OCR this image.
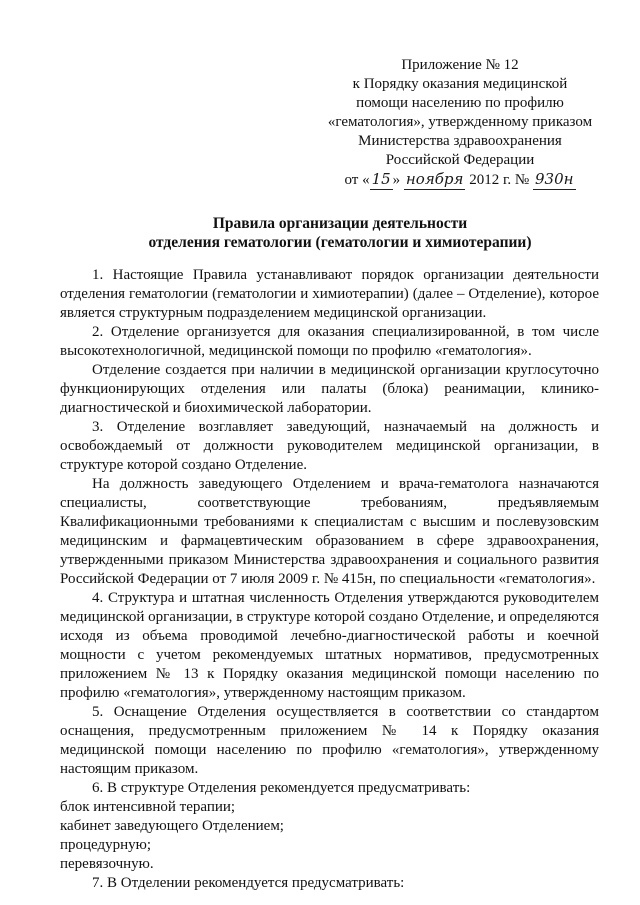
Приложение № 12
к Порядку оказания медицинской
помощи населению по профилю
«гематология», утвержденному приказом
Министерства здравоохранения
Российской Федерации
от « 15 » ноября 2012 г. № 930н
Правила организации деятельности
отделения гематологии (гематологии и химиотерапии)

1. Настоящие Правила устанавливают порядок организации деятельности отделения гематологии (гематологии и химиотерапии) (далее – Отделение), которое является структурным подразделением медицинской организации.

2. Отделение организуется для оказания специализированной, в том числе высокотехнологичной, медицинской помощи по профилю «гематология».

Отделение создается при наличии в медицинской организации круглосуточно функционирующих отделения или палаты (блока) реанимации, клинико-диагностической и биохимической лаборатории.

3. Отделение возглавляет заведующий, назначаемый на должность и освобождаемый от должности руководителем медицинской организации, в структуре которой создано Отделение.

На должность заведующего Отделением и врача-гематолога назначаются специалисты, соответствующие требованиям, предъявляемым Квалификационными требованиями к специалистам с высшим и послевузовским медицинским и фармацевтическим образованием в сфере здравоохранения, утвержденными приказом Министерства здравоохранения и социального развития Российской Федерации от 7 июля 2009 г. № 415н, по специальности «гематология».

4. Структура и штатная численность Отделения утверждаются руководителем медицинской организации, в структуре которой создано Отделение, и определяются исходя из объема проводимой лечебно-диагностической работы и коечной мощности с учетом рекомендуемых штатных нормативов, предусмотренных приложением № 13 к Порядку оказания медицинской помощи населению по профилю «гематология», утвержденному настоящим приказом.

5. Оснащение Отделения осуществляется в соответствии со стандартом оснащения, предусмотренным приложением № 14 к Порядку оказания медицинской помощи населению по профилю «гематология», утвержденному настоящим приказом.

6. В структуре Отделения рекомендуется предусматривать:

блок интенсивной терапии;

кабинет заведующего Отделением;

процедурную;

перевязочную.

7. В Отделении рекомендуется предусматривать:
